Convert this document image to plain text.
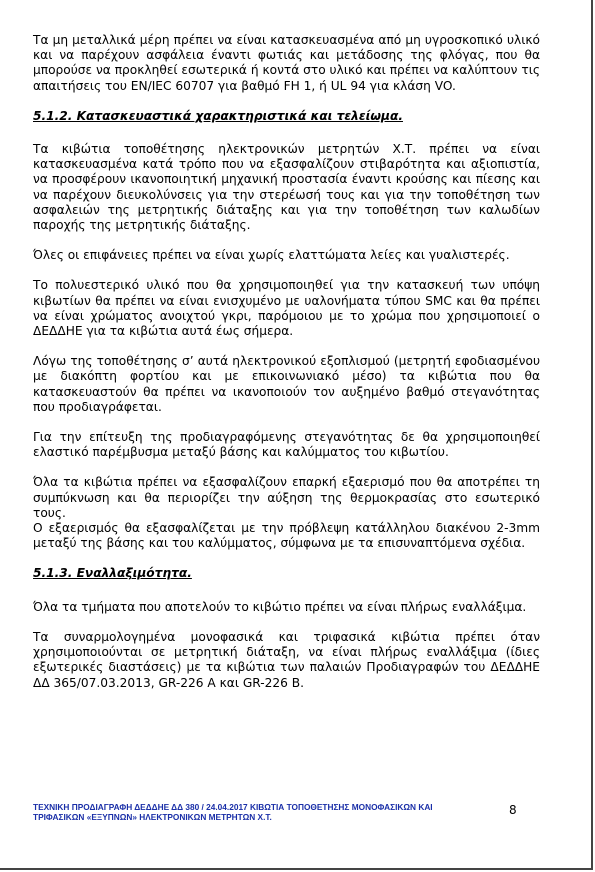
Τα μη μεταλλικά μέρη πρέπει να είναι κατασκευασμένα από μη υγροσκοπικό υλικό και να παρέχουν ασφάλεια έναντι φωτιάς και μετάδοσης της φλόγας, που θα μπορούσε να προκληθεί εσωτερικά ή κοντά στο υλικό και πρέπει να καλύπτουν τις απαιτήσεις του EN/IEC 60707 για βαθμό FH 1, ή UL 94 για κλάση VO.

5.1.2. Κατασκευαστικά χαρακτηριστικά και τελείωμα.

Τα κιβώτια τοποθέτησης ηλεκτρονικών μετρητών Χ.Τ. πρέπει να είναι κατασκευασμένα κατά τρόπο που να εξασφαλίζουν στιβαρότητα και αξιοπιστία, να προσφέρουν ικανοποιητική μηχανική προστασία έναντι κρούσης και πίεσης και να παρέχουν διευκολύνσεις για την στερέωσή τους και για την τοποθέτηση των ασφαλειών της μετρητικής διάταξης και για την τοποθέτηση των καλωδίων παροχής της μετρητικής διάταξης.

Όλες οι επιφάνειες πρέπει να είναι χωρίς ελαττώματα λείες και γυαλιστερές.

Το πολυεστερικό υλικό που θα χρησιμοποιηθεί για την κατασκευή των υπόψη κιβωτίων θα πρέπει να είναι ενισχυμένο με υαλονήματα τύπου SMC και θα πρέπει να είναι χρώματος ανοιχτού γκρι, παρόμοιου με το χρώμα που χρησιμοποιεί ο ΔΕΔΔΗΕ για τα κιβώτια αυτά έως σήμερα.

Λόγω της τοποθέτησης σ’ αυτά ηλεκτρονικού εξοπλισμού (μετρητή εφοδιασμένου με διακόπτη φορτίου και με επικοινωνιακό μέσο) τα κιβώτια που θα κατασκευαστούν θα πρέπει να ικανοποιούν τον αυξημένο βαθμό στεγανότητας που προδιαγράφεται.

Για την επίτευξη της προδιαγραφόμενης στεγανότητας δε θα χρησιμοποιηθεί ελαστικό παρέμβυσμα μεταξύ βάσης και καλύμματος του κιβωτίου.

Όλα τα κιβώτια πρέπει να εξασφαλίζουν επαρκή εξαερισμό που θα αποτρέπει τη συμπύκνωση και θα περιορίζει την αύξηση της θερμοκρασίας στο εσωτερικό τους.

Ο εξαερισμός θα εξασφαλίζεται με την πρόβλεψη κατάλληλου διακένου 2-3mm μεταξύ της βάσης και του καλύμματος, σύμφωνα με τα επισυναπτόμενα σχέδια.

5.1.3. Εναλλαξιμότητα.

Όλα τα τμήματα που αποτελούν το κιβώτιο πρέπει να είναι πλήρως εναλλάξιμα.

Τα συναρμολογημένα μονοφασικά και τριφασικά κιβώτια πρέπει όταν χρησιμοποιούνται σε μετρητική διάταξη, να είναι πλήρως εναλλάξιμα (ίδιες εξωτερικές διαστάσεις) με τα κιβώτια των παλαιών Προδιαγραφών του ΔΕΔΔΗΕ ΔΔ 365/07.03.2013, GR-226 A και GR-226 B.

ΤΕΧΝΙΚΗ ΠΡΟΔΙΑΓΡΑΦΗ ΔΕΔΔΗΕ ΔΔ 380 / 24.04.2017 ΚΙΒΩΤΙΑ ΤΟΠΟΘΕΤΗΣΗΣ ΜΟΝΟΦΑΣΙΚΩΝ ΚΑΙ
ΤΡΙΦΑΣΙΚΩΝ «ΕΞΥΠΝΩΝ» ΗΛΕΚΤΡΟΝΙΚΩΝ ΜΕΤΡΗΤΩΝ Χ.Τ.	8
